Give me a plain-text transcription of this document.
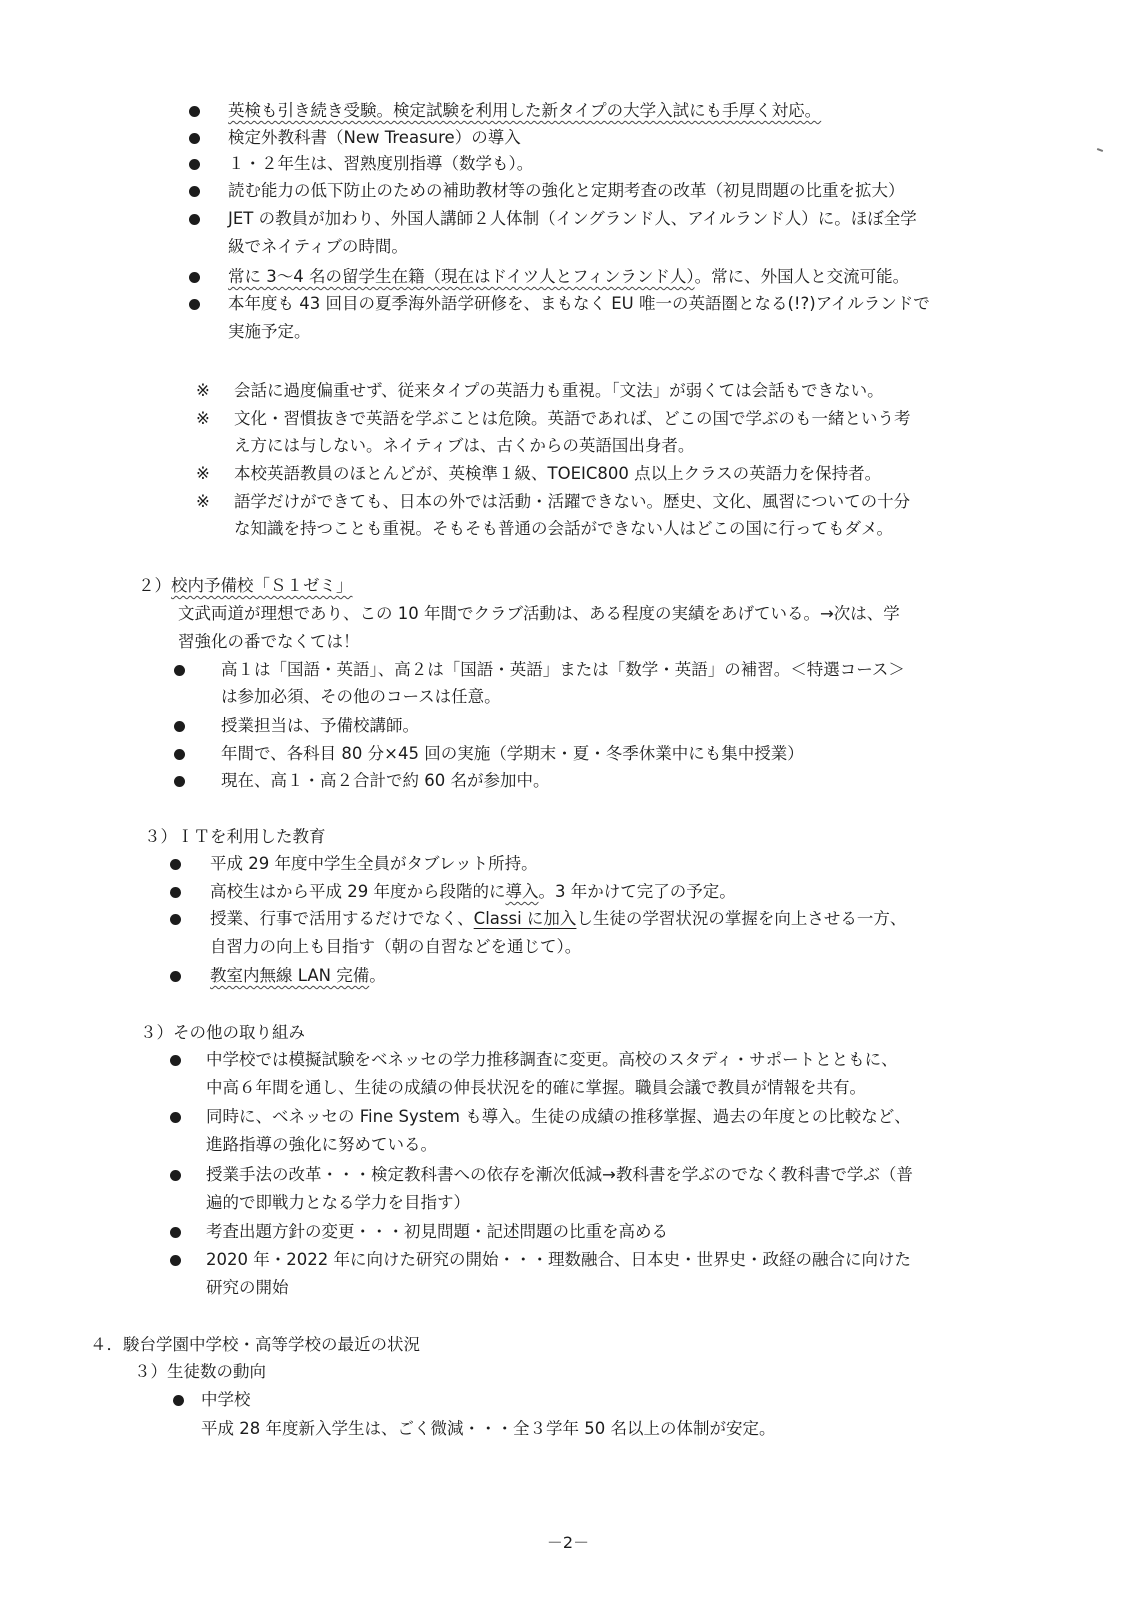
英検も引き続き受験。検定試験を利用した新タイプの大学入試にも手厚く対応。
検定外教科書（New Treasure）の導入
１・２年生は、習熟度別指導（数学も）。
読む能力の低下防止のための補助教材等の強化と定期考査の改革（初見問題の比重を拡大）
JET の教員が加わり、外国人講師２人体制（イングランド人、アイルランド人）に。ほぼ全学
級でネイティブの時間。
常に 3～4 名の留学生在籍（現在はドイツ人とフィンランド人）。常に、外国人と交流可能。
本年度も 43 回目の夏季海外語学研修を、まもなく EU 唯一の英語圏となる(!?)アイルランドで
実施予定。
※ 会話に過度偏重せず、従来タイプの英語力も重視。「文法」が弱くては会話もできない。
※ 文化・習慣抜きで英語を学ぶことは危険。英語であれば、どこの国で学ぶのも一緒という考
え方には与しない。ネイティブは、古くからの英語国出身者。
※ 本校英語教員のほとんどが、英検準１級、TOEIC800 点以上クラスの英語力を保持者。
※ 語学だけができても、日本の外では活動・活躍できない。歴史、文化、風習についての十分
な知識を持つことも重視。そもそも普通の会話ができない人はどこの国に行ってもダメ。
２）校内予備校「Ｓ１ゼミ」
文武両道が理想であり、この 10 年間でクラブ活動は、ある程度の実績をあげている。→次は、学
習強化の番でなくては！
高１は「国語・英語」、高２は「国語・英語」または「数学・英語」の補習。＜特選コース＞
は参加必須、その他のコースは任意。
授業担当は、予備校講師。
年間で、各科目 80 分×45 回の実施（学期末・夏・冬季休業中にも集中授業）
現在、高１・高２合計で約 60 名が参加中。
３）ＩＴを利用した教育
平成 29 年度中学生全員がタブレット所持。
高校生はから平成 29 年度から段階的に導入。3 年かけて完了の予定。
授業、行事で活用するだけでなく、Classi に加入し生徒の学習状況の掌握を向上させる一方、
自習力の向上も目指す（朝の自習などを通じて）。
教室内無線 LAN 完備。
３）その他の取り組み
中学校では模擬試験をベネッセの学力推移調査に変更。高校のスタディ・サポートとともに、
中高６年間を通し、生徒の成績の伸長状況を的確に掌握。職員会議で教員が情報を共有。
同時に、ベネッセの Fine System も導入。生徒の成績の推移掌握、過去の年度との比較など、
進路指導の強化に努めている。
授業手法の改革・・・検定教科書への依存を漸次低減→教科書を学ぶのでなく教科書で学ぶ（普
遍的で即戦力となる学力を目指す）
考査出題方針の変更・・・初見問題・記述問題の比重を高める
2020 年・2022 年に向けた研究の開始・・・理数融合、日本史・世界史・政経の融合に向けた
研究の開始
４．駿台学園中学校・高等学校の最近の状況
３）生徒数の動向
中学校
平成 28 年度新入学生は、ごく微減・・・全３学年 50 名以上の体制が安定。
－2－
